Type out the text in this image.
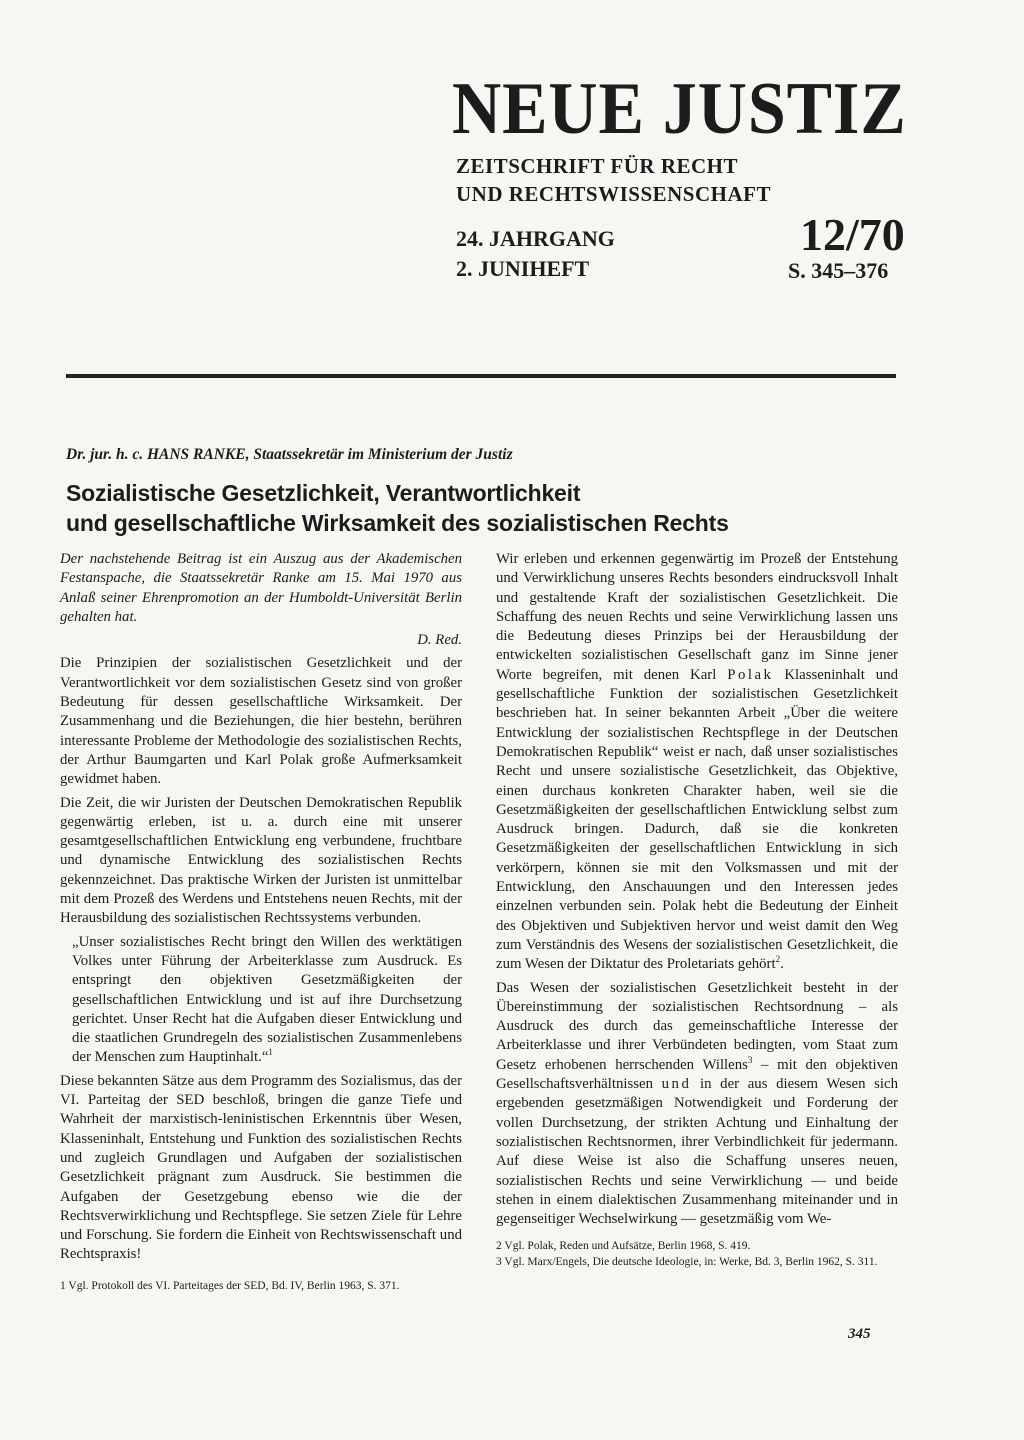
NEUE JUSTIZ
ZEITSCHRIFT FÜR RECHT
UND RECHTSWISSENSCHAFT
24. JAHRGANG
2. JUNIHEFT
12/70
S. 345–376
Dr. jur. h. c. HANS RANKE, Staatssekretär im Ministerium der Justiz
Sozialistische Gesetzlichkeit, Verantwortlichkeit
und gesellschaftliche Wirksamkeit des sozialistischen Rechts

Der nachstehende Beitrag ist ein Auszug aus der Akademischen Festanspache, die Staatssekretär Ranke am 15. Mai 1970 aus Anlaß seiner Ehrenpromotion an der Humboldt-Universität Berlin gehalten hat.

D. Red.

Die Prinzipien der sozialistischen Gesetzlichkeit und der Verantwortlichkeit vor dem sozialistischen Gesetz sind von großer Bedeutung für dessen gesellschaftliche Wirksamkeit. Der Zusammenhang und die Beziehungen, die hier bestehn, berühren interessante Probleme der Methodologie des sozialistischen Rechts, der Arthur Baumgarten und Karl Polak große Aufmerksamkeit gewidmet haben.

Die Zeit, die wir Juristen der Deutschen Demokratischen Republik gegenwärtig erleben, ist u. a. durch eine mit unserer gesamtgesellschaftlichen Entwicklung eng verbundene, fruchtbare und dynamische Entwicklung des sozialistischen Rechts gekennzeichnet. Das praktische Wirken der Juristen ist unmittelbar mit dem Prozeß des Werdens und Entstehens neuen Rechts, mit der Herausbildung des sozialistischen Rechtssystems verbunden.

„Unser sozialistisches Recht bringt den Willen des werktätigen Volkes unter Führung der Arbeiterklasse zum Ausdruck. Es entspringt den objektiven Gesetzmäßigkeiten der gesellschaftlichen Entwicklung und ist auf ihre Durchsetzung gerichtet. Unser Recht hat die Aufgaben dieser Entwicklung und die staatlichen Grundregeln des sozialistischen Zusammenlebens der Menschen zum Hauptinhalt.“$^1$

Diese bekannten Sätze aus dem Programm des Sozialismus, das der VI. Parteitag der SED beschloß, bringen die ganze Tiefe und Wahrheit der marxistisch-leninistischen Erkenntnis über Wesen, Klasseninhalt, Entstehung und Funktion des sozialistischen Rechts und zugleich Grundlagen und Aufgaben der sozialistischen Gesetzlichkeit prägnant zum Ausdruck. Sie bestimmen die Aufgaben der Gesetzgebung ebenso wie die der Rechtsverwirklichung und Rechtspflege. Sie setzen Ziele für Lehre und Forschung. Sie fordern die Einheit von Rechtswissenschaft und Rechtspraxis!

1 Vgl. Protokoll des VI. Parteitages der SED, Bd. IV, Berlin 1963, S. 371.

Wir erleben und erkennen gegenwärtig im Prozeß der Entstehung und Verwirklichung unseres Rechts besonders eindrucksvoll Inhalt und gestaltende Kraft der sozialistischen Gesetzlichkeit. Die Schaffung des neuen Rechts und seine Verwirklichung lassen uns die Bedeutung dieses Prinzips bei der Herausbildung der entwickelten sozialistischen Gesellschaft ganz im Sinne jener Worte begreifen, mit denen Karl Polak Klasseninhalt und gesellschaftliche Funktion der sozialistischen Gesetzlichkeit beschrieben hat. In seiner bekannten Arbeit „Über die weitere Entwicklung der sozialistischen Rechtspflege in der Deutschen Demokratischen Republik“ weist er nach, daß unser sozialistisches Recht und unsere sozialistische Gesetzlichkeit, das Objektive, einen durchaus konkreten Charakter haben, weil sie die Gesetzmäßigkeiten der gesellschaftlichen Entwicklung selbst zum Ausdruck bringen. Dadurch, daß sie die konkreten Gesetzmäßigkeiten der gesellschaftlichen Entwicklung in sich verkörpern, können sie mit den Volksmassen und mit der Entwicklung, den Anschauungen und den Interessen jedes einzelnen verbunden sein. Polak hebt die Bedeutung der Einheit des Objektiven und Subjektiven hervor und weist damit den Weg zum Verständnis des Wesens der sozialistischen Gesetzlichkeit, die zum Wesen der Diktatur des Proletariats gehört$^2$.

Das Wesen der sozialistischen Gesetzlichkeit besteht in der Übereinstimmung der sozialistischen Rechtsordnung – als Ausdruck des durch das gemeinschaftliche Interesse der Arbeiterklasse und ihrer Verbündeten bedingten, vom Staat zum Gesetz erhobenen herrschenden Willens$^3$ – mit den objektiven Gesellschaftsverhältnissen und in der aus diesem Wesen sich ergebenden gesetzmäßigen Notwendigkeit und Forderung der vollen Durchsetzung, der strikten Achtung und Einhaltung der sozialistischen Rechtsnormen, ihrer Verbindlichkeit für jedermann. Auf diese Weise ist also die Schaffung unseres neuen, sozialistischen Rechts und seine Verwirklichung — und beide stehen in einem dialektischen Zusammenhang miteinander und in gegenseitiger Wechselwirkung — gesetzmäßig vom We-

2 Vgl. Polak, Reden und Aufsätze, Berlin 1968, S. 419.
3 Vgl. Marx/Engels, Die deutsche Ideologie, in: Werke, Bd. 3, Berlin 1962, S. 311.
345
